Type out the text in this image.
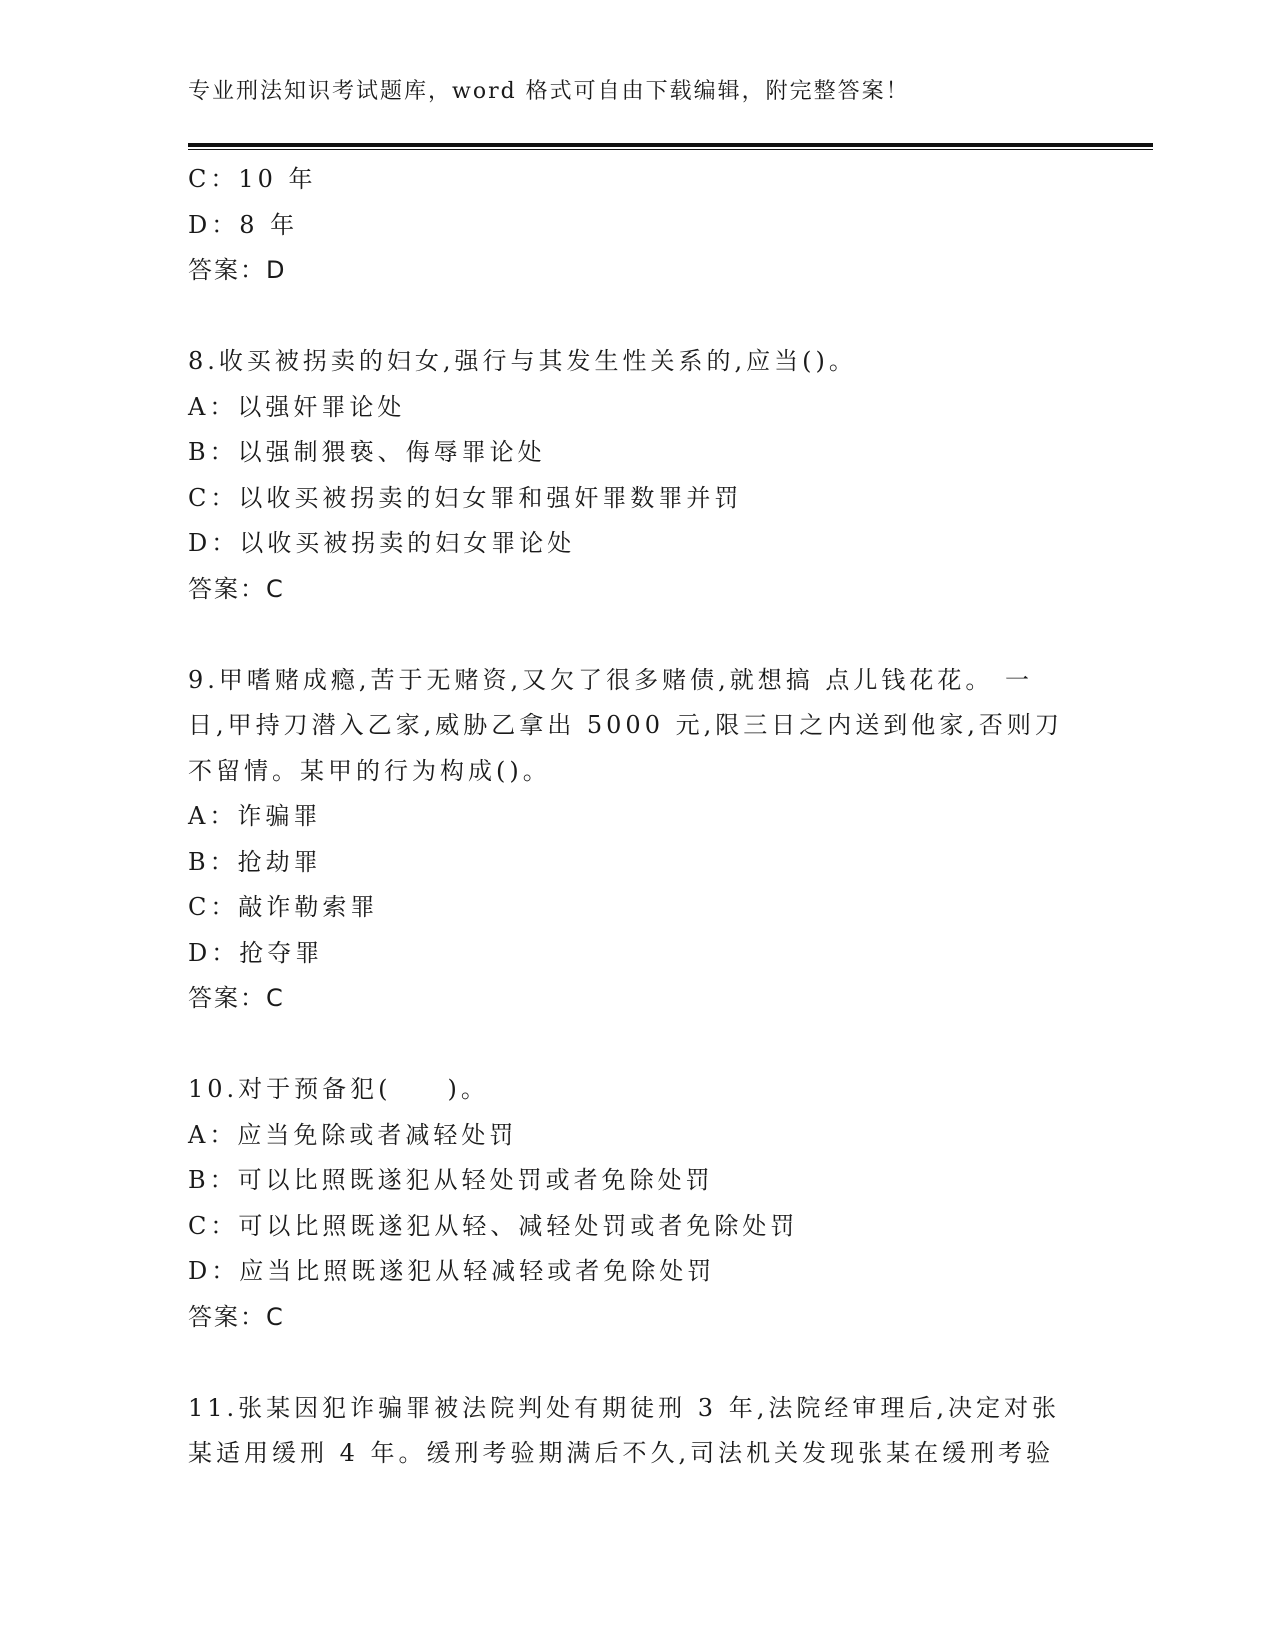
专业刑法知识考试题库，word 格式可自由下载编辑，附完整答案！
C：10 年
D：8 年
答案：D
8.收买被拐卖的妇女,强行与其发生性关系的,应当()。
A：以强奸罪论处
B：以强制猥亵、侮辱罪论处
C：以收买被拐卖的妇女罪和强奸罪数罪并罚
D：以收买被拐卖的妇女罪论处
答案：C
9.甲嗜赌成瘾,苦于无赌资,又欠了很多赌债,就想搞 点儿钱花花。 一
日,甲持刀潜入乙家,威胁乙拿出 5000 元,限三日之内送到他家,否则刀
不留情。某甲的行为构成()。
A：诈骗罪
B：抢劫罪
C：敲诈勒索罪
D：抢夺罪
答案：C
10.对于预备犯(　　)。
A：应当免除或者减轻处罚
B：可以比照既遂犯从轻处罚或者免除处罚
C：可以比照既遂犯从轻、减轻处罚或者免除处罚
D：应当比照既遂犯从轻减轻或者免除处罚
答案：C
11.张某因犯诈骗罪被法院判处有期徒刑 3 年,法院经审理后,决定对张
某适用缓刑 4 年。缓刑考验期满后不久,司法机关发现张某在缓刑考验
